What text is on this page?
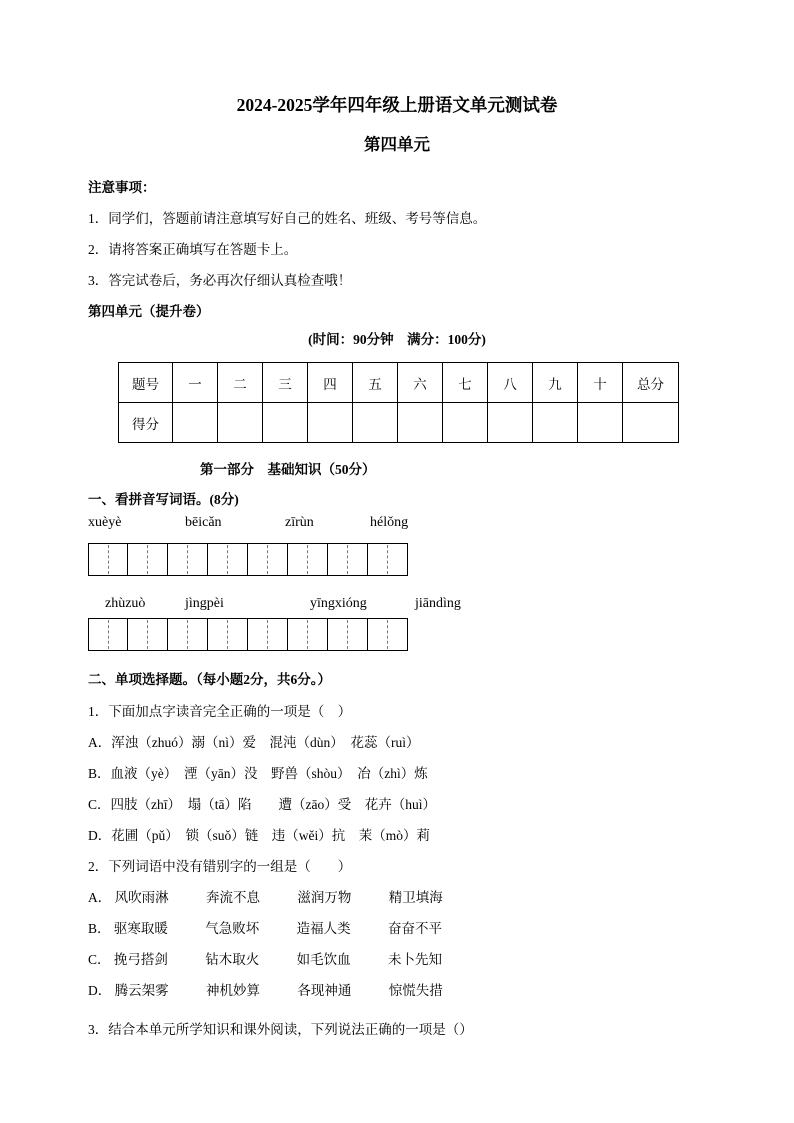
2024-2025学年四年级上册语文单元测试卷
第四单元
注意事项：

1．同学们，答题前请注意填写好自己的姓名、班级、考号等信息。

2．请将答案正确填写在答题卡上。

3．答完试卷后，务必再次仔细认真检查哦！

第四单元（提升卷）
(时间：90分钟　满分：100分)
题号	一	二	三	四	五	六	七	八	九	十	总分
得分											
第一部分　基础知识（50分）
一、看拼音写词语。(8分)
xuèyè	bēicǎn	zīrùn	hélǒng
zhùzuò	jìngpèi	yīngxióng	jiāndìng
二、单项选择题。（每小题2分，共6分。）

1．下面加点字读音完全正确的一项是（　）

A．浑浊（zhuó）溺（nì）爱　混沌（dùn）　花蕊（ruì）

B．血液（yè）　湮（yān）没　野兽（shòu）　冶（zhì）炼

C．四肢（zhī）　塌（tā）陷　　遭（zāo）受　花卉（huì）

D．花圃（pǔ）　锁（suǒ）链　违（wěi）抗　茉（mò）莉

2．下列词语中没有错别字的一组是（　　）

A． 风吹雨淋	奔流不息	滋润万物	精卫填海
B． 驱寒取暖	气急败坏	造福人类	奋奋不平
C． 挽弓搭剑	钻木取火	如毛饮血	未卜先知
D． 腾云架雾	神机妙算	各现神通	惊慌失措

3．结合本单元所学知识和课外阅读，下列说法正确的一项是（）
